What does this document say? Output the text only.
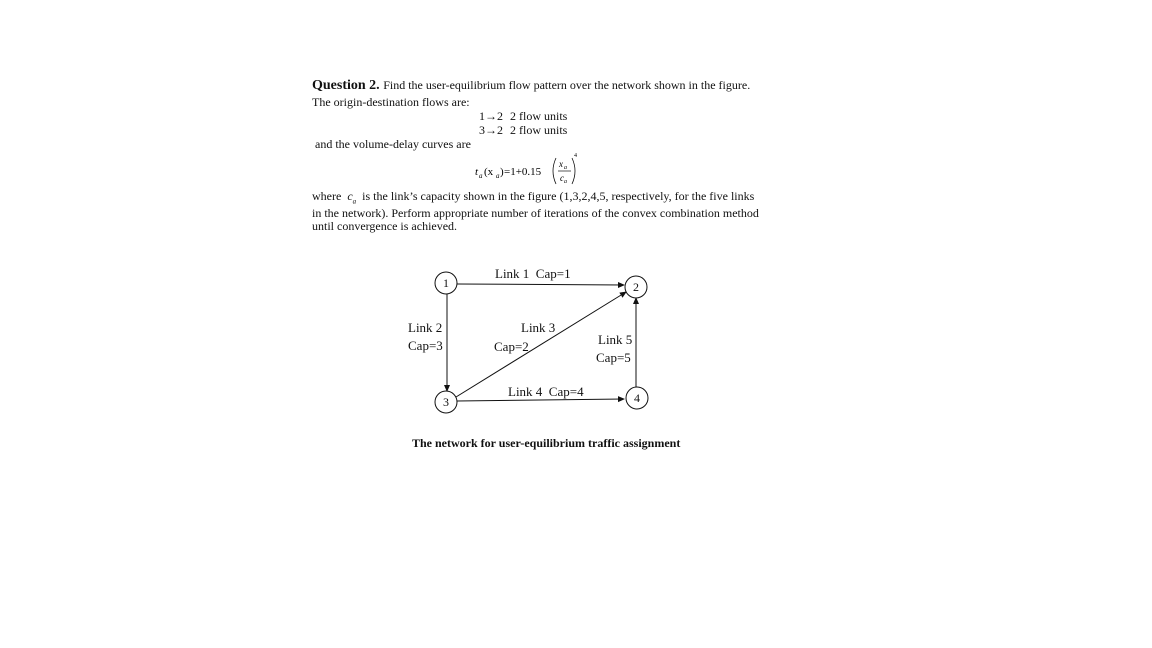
Question 2. Find the user-equilibrium flow pattern over the network shown in the figure.
The origin-destination flows are:
1→2 2 flow units
3→2 2 flow units
and the volume-delay curves are
t a (x a ) =1+0.15
x a
c a
4
where $c_a$ is the link’s capacity shown in the figure (1,3,2,4,5, respectively, for the five links
in the network). Perform appropriate number of iterations of the convex combination method
until convergence is achieved.
1	2
3	4
Link 1  Cap=1
Link 2
Cap=3
Link 3
Cap=2
Link 4  Cap=4
Link 5
Cap=5
The network for user-equilibrium traffic assignment
